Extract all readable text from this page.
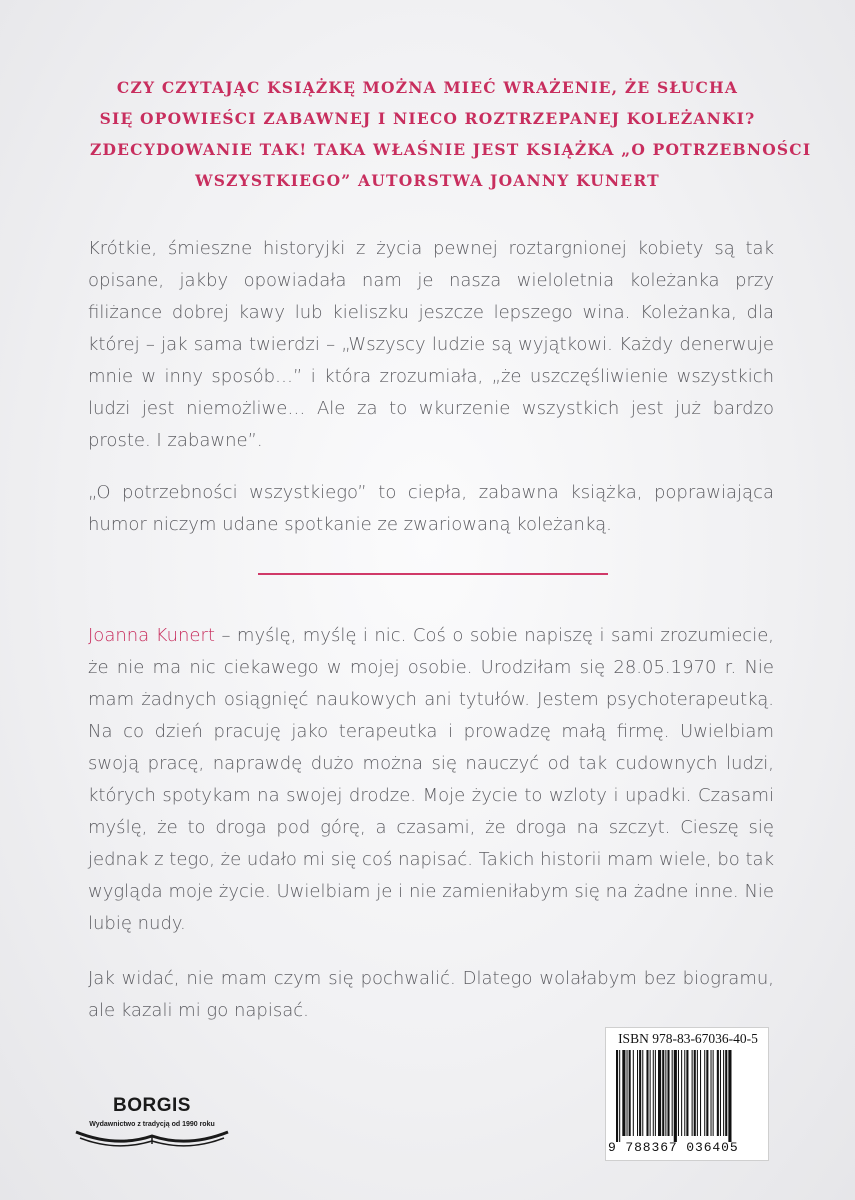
CZY CZYTAJĄC KSIĄŻKĘ MOŻNA MIEĆ WRAŻENIE, ŻE SŁUCHA
SIĘ OPOWIEŚCI ZABAWNEJ I NIECO ROZTRZEPANEJ KOLEŻANKI?
ZDECYDOWANIE TAK! TAKA WŁAŚNIE JEST KSIĄŻKA „O POTRZEBNOŚCI
WSZYSTKIEGO” AUTORSTWA JOANNY KUNERT

Krótkie, śmieszne historyjki z życia pewnej roztargnionej kobiety są tak opisane, jakby opowiadała nam je nasza wieloletnia koleżanka przy filiżance dobrej kawy lub kieliszku jeszcze lepszego wina. Koleżanka, dla której – jak sama twierdzi – „Wszyscy ludzie są wyjątkowi. Każdy denerwuje mnie w inny sposób…” i która zrozumiała, „że uszczęśliwienie wszystkich ludzi jest niemożliwe… Ale za to wkurzenie wszystkich jest już bardzo proste. I zabawne”.

„O potrzebności wszystkiego” to ciepła, zabawna książka, poprawiająca humor niczym udane spotkanie ze zwariowaną koleżanką.

Joanna Kunert – myślę, myślę i nic. Coś o sobie napiszę i sami zrozumiecie, że nie ma nic ciekawego w mojej osobie. Urodziłam się 28.05.1970 r. Nie mam żadnych osiągnięć naukowych ani tytułów. Jestem psychoterapeutką. Na co dzień pracuję jako terapeutka i prowadzę małą firmę. Uwielbiam swoją pracę, naprawdę dużo można się nauczyć od tak cudownych ludzi, których spotykam na swojej drodze. Moje życie to wzloty i upadki. Czasami myślę, że to droga pod górę, a czasami, że droga na szczyt. Cieszę się jednak z tego, że udało mi się coś napisać. Takich historii mam wiele, bo tak wygląda moje życie. Uwielbiam je i nie zamieniłabym się na żadne inne. Nie lubię nudy.

Jak widać, nie mam czym się pochwalić. Dlatego wolałabym bez biogramu, ale kazali mi go napisać.

BORGIS
Wydawnictwo z tradycją od 1990 roku
ISBN 978-83-67036-40-5
9 788367 036405
